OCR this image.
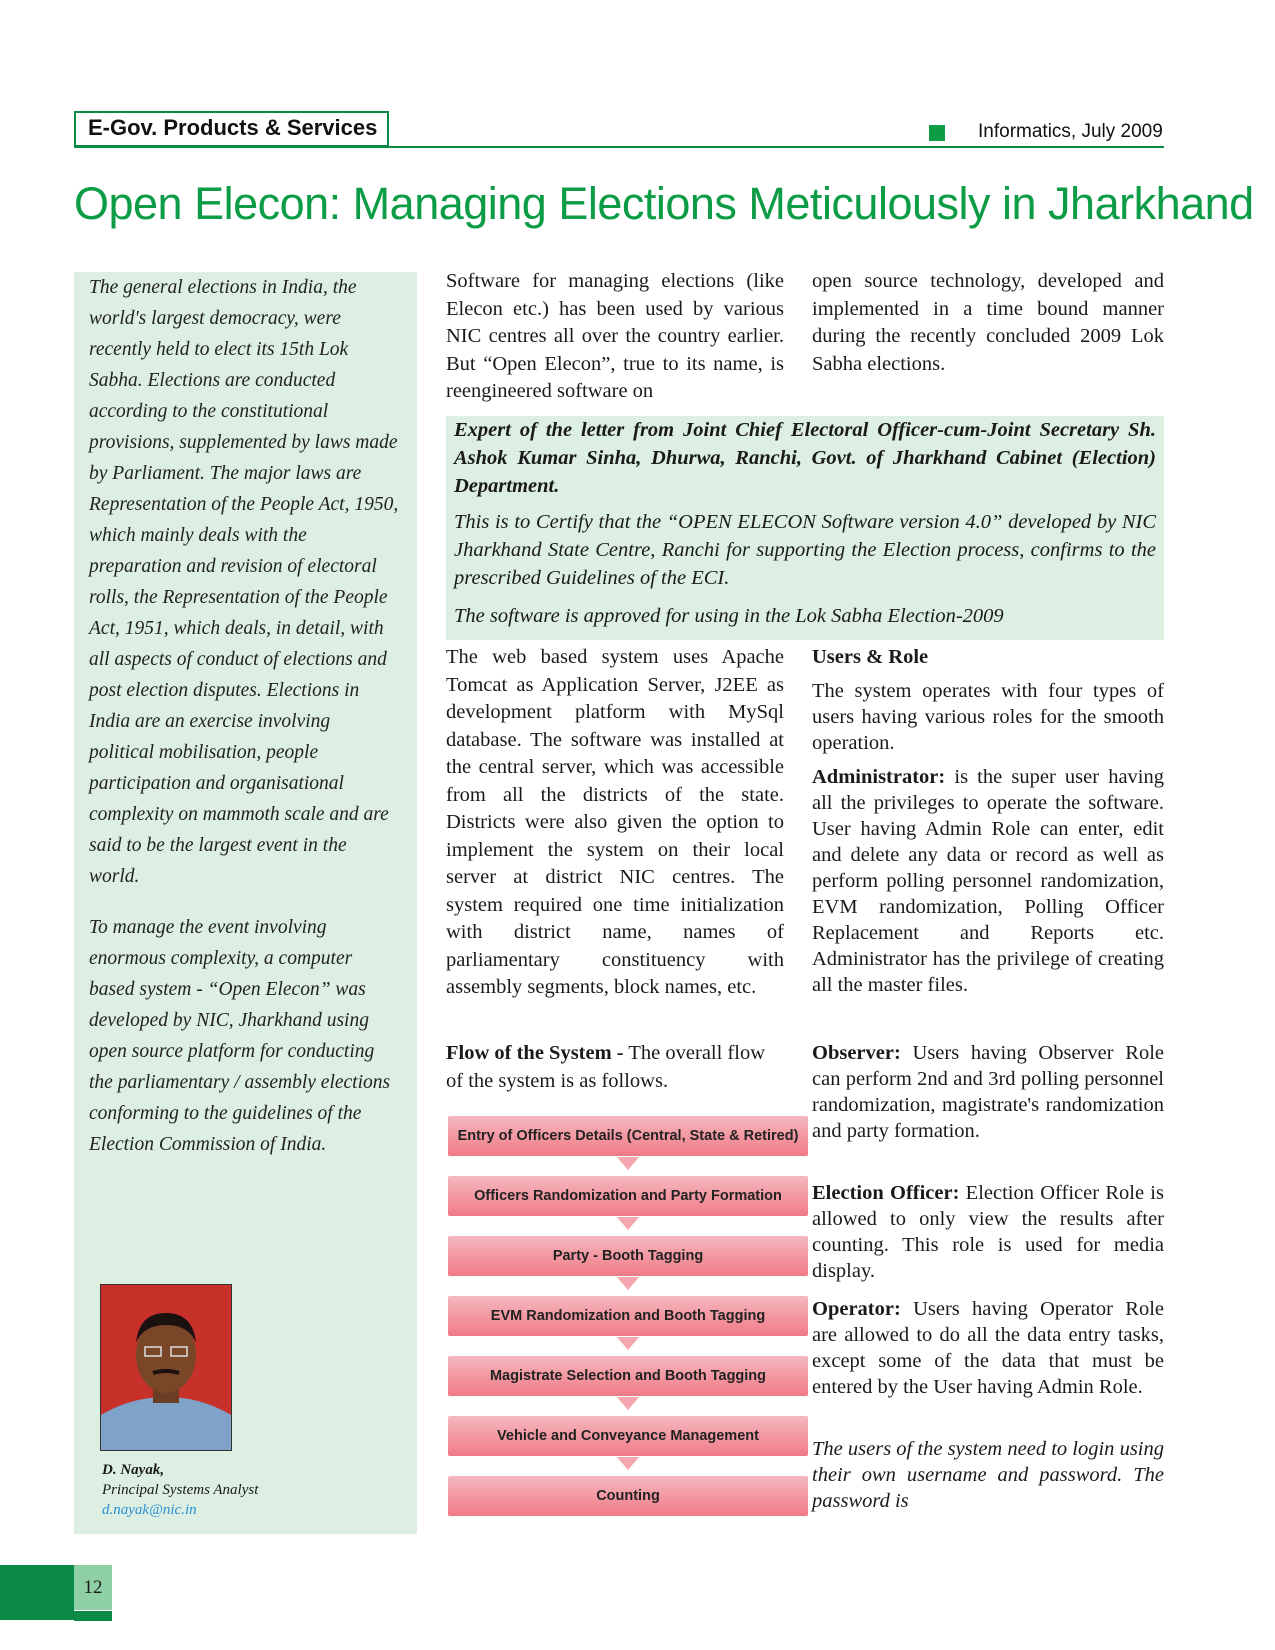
E-Gov. Products & Services	Informatics, July 2009
Open Elecon: Managing Elections Meticulously in Jharkhand

The general elections in India, the world's largest democracy, were recently held to elect its 15th Lok Sabha. Elections are conducted according to the constitutional provisions, supplemented by laws made by Parliament. The major laws are Representation of the People Act, 1950, which mainly deals with the preparation and revision of electoral rolls, the Representation of the People Act, 1951, which deals, in detail, with all aspects of conduct of elections and post election disputes. Elections in India are an exercise involving political mobilisation, people participation and organisational complexity on mammoth scale and are said to be the largest event in the world.

To manage the event involving enormous complexity, a computer based system - “Open Elecon” was developed by NIC, Jharkhand using open source platform for conducting the parliamentary / assembly elections conforming to the guidelines of the Election Commission of India.

D. Nayak,
Principal Systems Analyst
d.nayak@nic.in

Software for managing elections (like Elecon etc.) has been used by various NIC centres all over the country earlier. But “Open Elecon”, true to its name, is reengineered software on

open source technology, developed and implemented in a time bound manner during the recently concluded 2009 Lok Sabha elections.

Expert of the letter from Joint Chief Electoral Officer-cum-Joint Secretary Sh. Ashok Kumar Sinha, Dhurwa, Ranchi, Govt. of Jharkhand Cabinet (Election) Department.

This is to Certify that the “OPEN ELECON Software version 4.0” developed by NIC Jharkhand State Centre, Ranchi for supporting the Election process, confirms to the prescribed Guidelines of the ECI.

The software is approved for using in the Lok Sabha Election-2009

The web based system uses Apache Tomcat as Application Server, J2EE as development platform with MySql database. The software was installed at the central server, which was accessible from all the districts of the state. Districts were also given the option to implement the system on their local server at district NIC centres. The system required one time initialization with district name, names of parliamentary constituency with assembly segments, block names, etc.

Flow of the System - The overall flow of the system is as follows.

Entry of Officers Details (Central, State & Retired)
Officers Randomization and Party Formation
Party - Booth Tagging
EVM Randomization and Booth Tagging
Magistrate Selection and Booth Tagging
Vehicle and Conveyance Management
Counting

Users & Role

The system operates with four types of users having various roles for the smooth operation.

Administrator: is the super user having all the privileges to operate the software. User having Admin Role can enter, edit and delete any data or record as well as perform polling personnel randomization, EVM randomization, Polling Officer Replacement and Reports etc. Administrator has the privilege of creating all the master files.

Observer: Users having Observer Role can perform 2nd and 3rd polling personnel randomization, magistrate's randomization and party formation.

Election Officer: Election Officer Role is allowed to only view the results after counting. This role is used for media display.

Operator: Users having Operator Role are allowed to do all the data entry tasks, except some of the data that must be entered by the User having Admin Role.

The users of the system need to login using their own username and password. The password is

12
